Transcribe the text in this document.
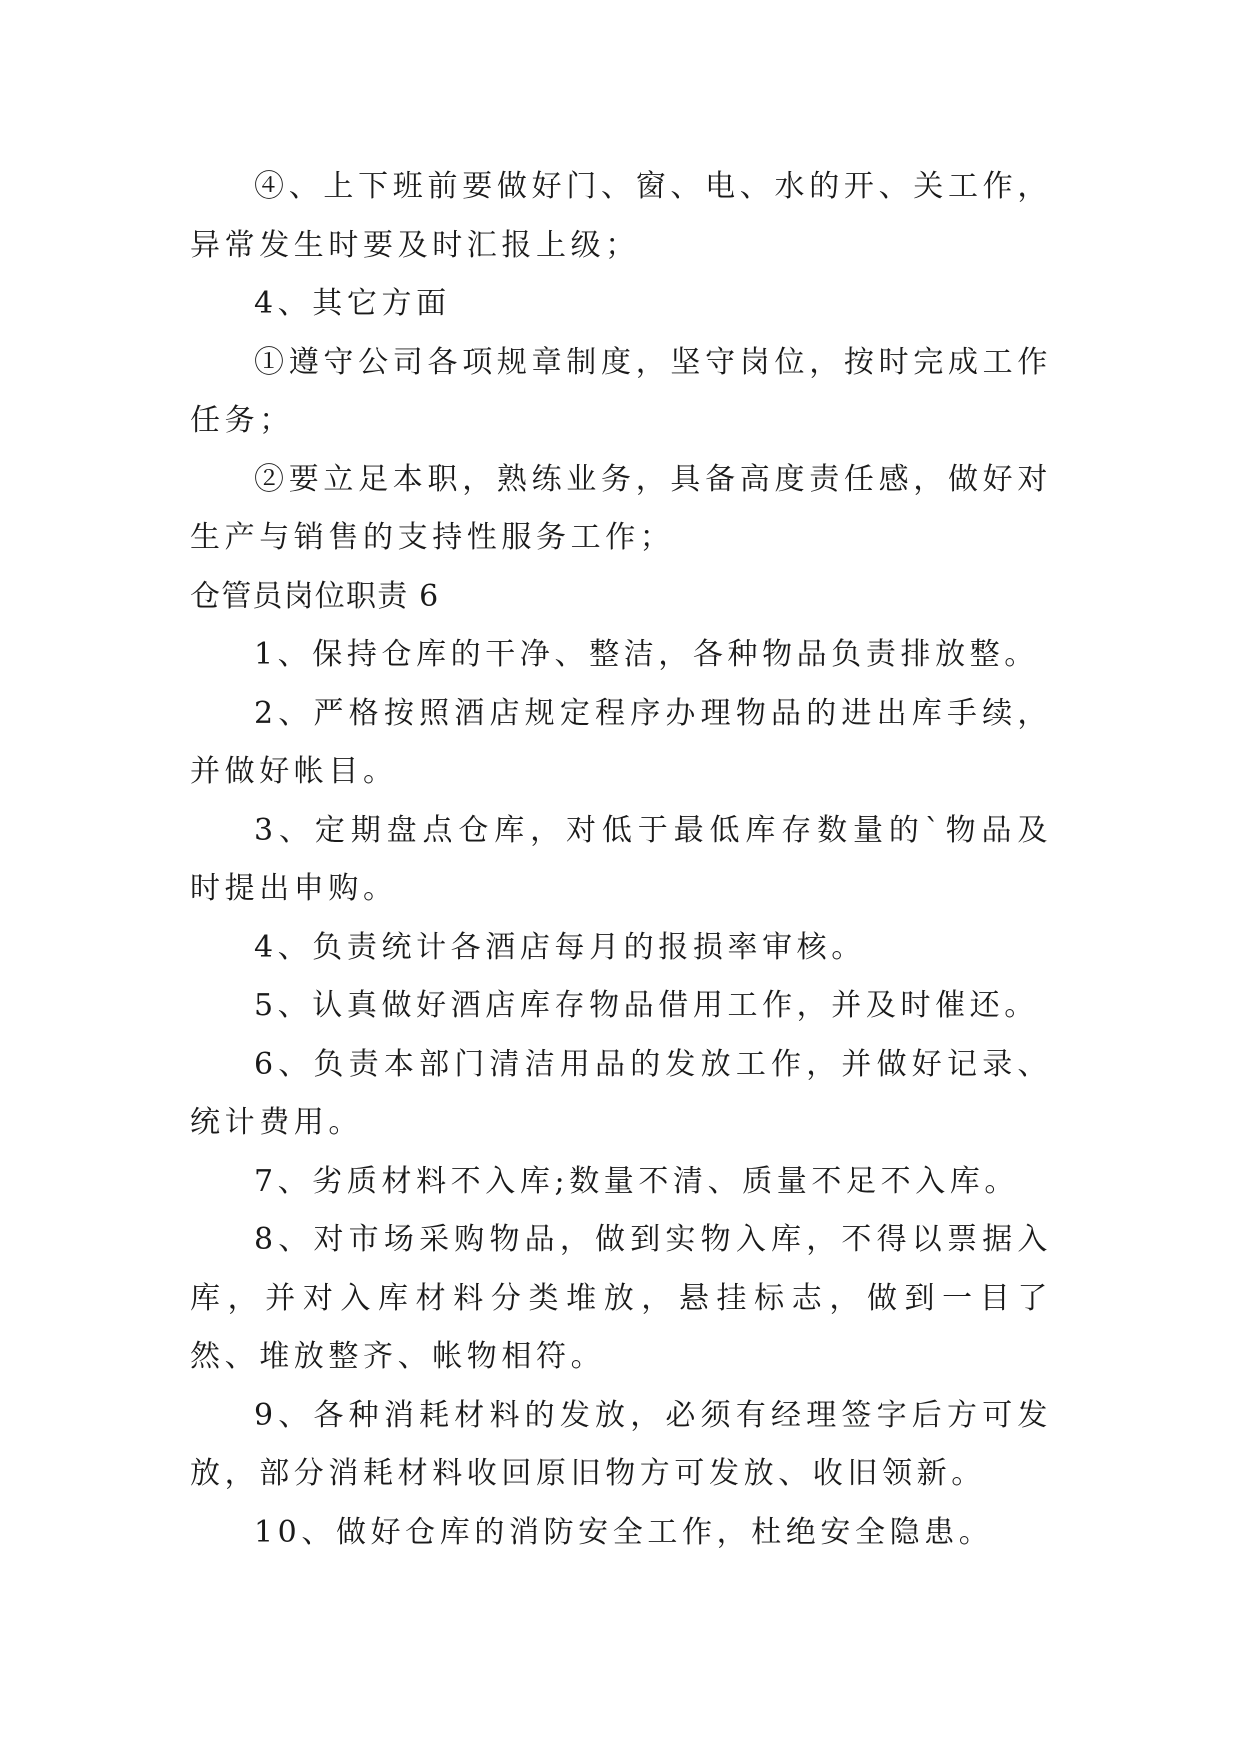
④、上下班前要做好门、窗、电、水的开、关工作，异常发生时要及时汇报上级；

4、其它方面

①遵守公司各项规章制度，坚守岗位，按时完成工作任务；

②要立足本职，熟练业务，具备高度责任感，做好对生产与销售的支持性服务工作；

仓管员岗位职责 6

1、保持仓库的干净、整洁，各种物品负责排放整。

2、严格按照酒店规定程序办理物品的进出库手续，并做好帐目。

3、定期盘点仓库，对低于最低库存数量的`物品及时提出申购。

4、负责统计各酒店每月的报损率审核。

5、认真做好酒店库存物品借用工作，并及时催还。

6、负责本部门清洁用品的发放工作，并做好记录、统计费用。

7、劣质材料不入库;数量不清、质量不足不入库。

8、对市场采购物品，做到实物入库，不得以票据入库，并对入库材料分类堆放，悬挂标志，做到一目了然、堆放整齐、帐物相符。

9、各种消耗材料的发放，必须有经理签字后方可发放，部分消耗材料收回原旧物方可发放、收旧领新。

10、做好仓库的消防安全工作，杜绝安全隐患。
